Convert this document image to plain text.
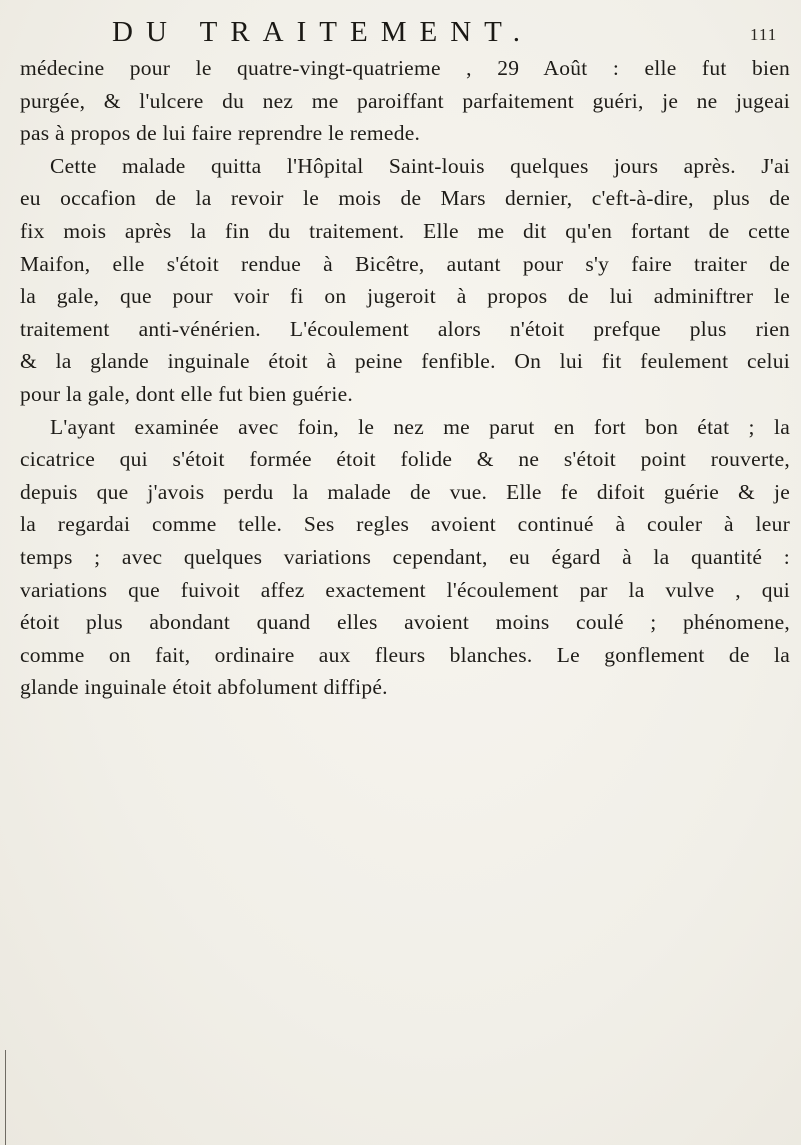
DU TRAITEMENT.	111
médecine pour le quatre-vingt-quatrieme , 29 Août : elle fut bien
purgée, & l'ulcere du nez me paroiffant parfaitement guéri, je ne jugeai
pas à propos de lui faire reprendre le remede.
Cette malade quitta l'Hôpital Saint-louis quelques jours après. J'ai
eu occafion de la revoir le mois de Mars dernier, c'eft-à-dire, plus de
fix mois après la fin du traitement. Elle me dit qu'en fortant de cette
Maifon, elle s'étoit rendue à Bicêtre, autant pour s'y faire traiter de
la gale, que pour voir fi on jugeroit à propos de lui adminiftrer le
traitement anti-vénérien. L'écoulement alors n'étoit prefque plus rien
& la glande inguinale étoit à peine fenfible. On lui fit feulement celui
pour la gale, dont elle fut bien guérie.
L'ayant examinée avec foin, le nez me parut en fort bon état ; la
cicatrice qui s'étoit formée étoit folide & ne s'étoit point rouverte,
depuis que j'avois perdu la malade de vue. Elle fe difoit guérie & je
la regardai comme telle. Ses regles avoient continué à couler à leur
temps ; avec quelques variations cependant, eu égard à la quantité :
variations que fuivoit affez exactement l'écoulement par la vulve , qui
étoit plus abondant quand elles avoient moins coulé ; phénomene,
comme on fait, ordinaire aux fleurs blanches. Le gonflement de la
glande inguinale étoit abfolument diffipé.
